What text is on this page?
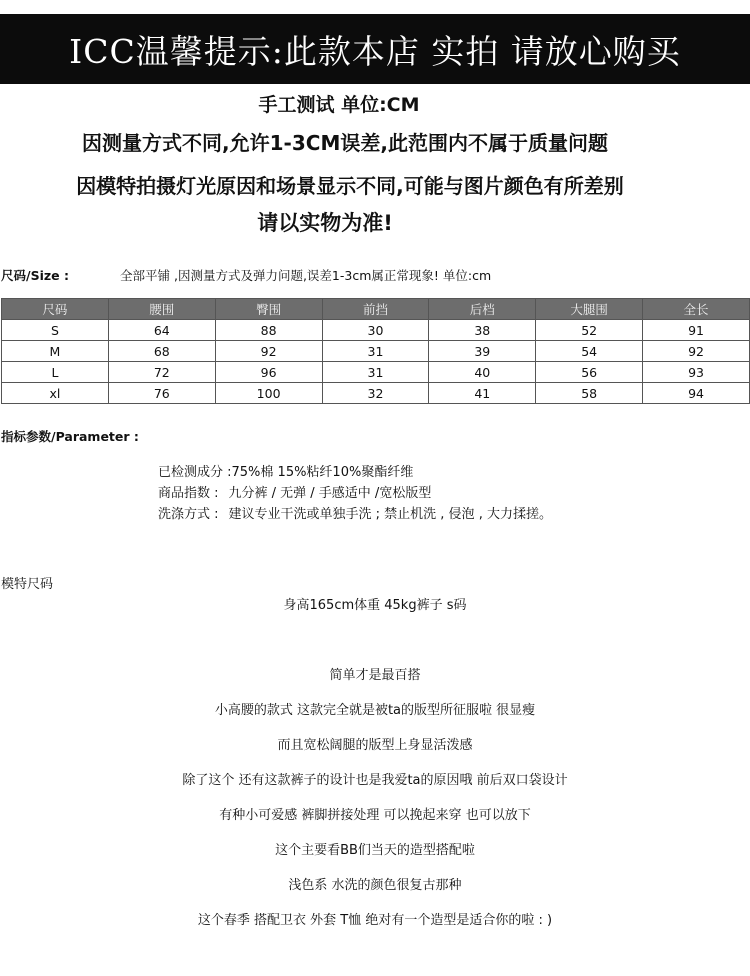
ICC温馨提示:此款本店 实拍 请放心购买
手工测试 单位:CM
因测量方式不同,允许1-3CM误差,此范围内不属于质量问题
因模特拍摄灯光原因和场景显示不同,可能与图片颜色有所差别
请以实物为准!
尺码/Size :	全部平铺 ,因测量方式及弹力问题,误差1-3cm属正常现象! 单位:cm
尺码	腰围	臀围	前挡	后档	大腿围	全长
S	64	88	30	38	52	91
M	68	92	31	39	54	92
L	72	96	31	40	56	93
xl	76	100	32	41	58	94
指标参数/Parameter :
已检测成分 :75%棉 15%粘纤10%聚酯纤维
商品指数 : 九分裤 / 无弹 / 手感适中 /宽松版型
洗涤方式 : 建议专业干洗或单独手洗 ; 禁止机洗 , 侵泡 , 大力揉搓。
模特尺码
身高165cm体重 45kg裤子 s码
简单才是最百搭
小高腰的款式 这款完全就是被ta的版型所征服啦 很显瘦
而且宽松阔腿的版型上身显活泼感
除了这个 还有这款裤子的设计也是我爱ta的原因哦 前后双口袋设计
有种小可爱感 裤脚拼接处理 可以挽起来穿 也可以放下
这个主要看BB们当天的造型搭配啦
浅色系 水洗的颜色很复古那种
这个春季 搭配卫衣 外套 T恤 绝对有一个造型是适合你的啦 : )
